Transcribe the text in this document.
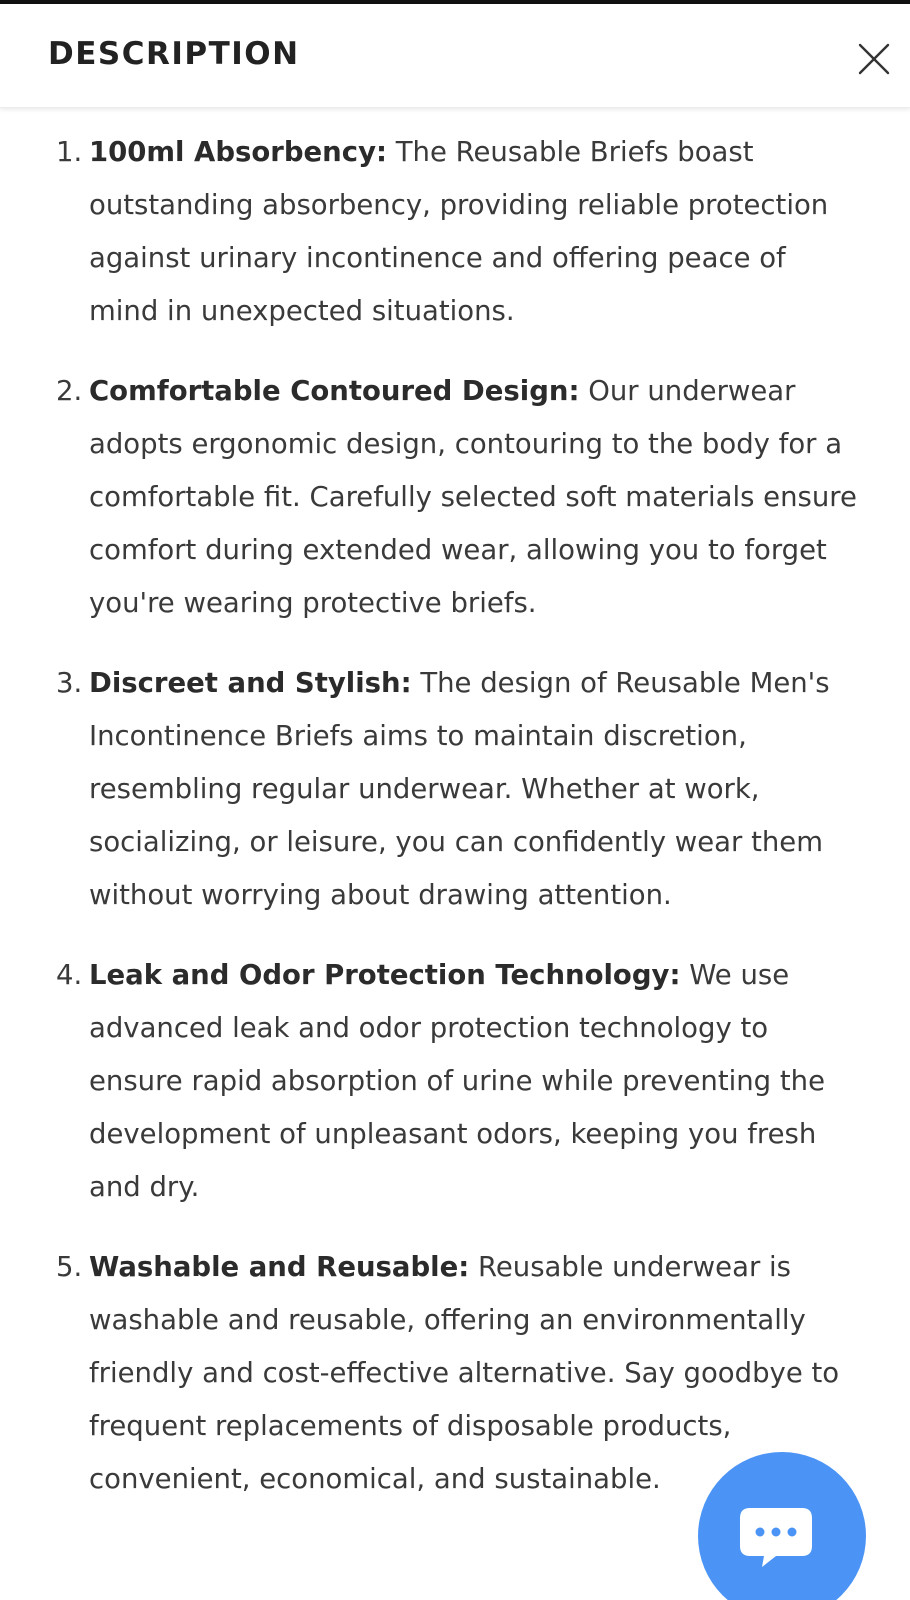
DESCRIPTION
1. 100ml Absorbency: The Reusable Briefs boast outstanding absorbency, providing reliable protection against urinary incontinence and offering peace of mind in unexpected situations.
2. Comfortable Contoured Design: Our underwear adopts ergonomic design, contouring to the body for a comfortable fit. Carefully selected soft materials ensure comfort during extended wear, allowing you to forget you're wearing protective briefs.
3. Discreet and Stylish: The design of Reusable Men's Incontinence Briefs aims to maintain discretion, resembling regular underwear. Whether at work, socializing, or leisure, you can confidently wear them without worrying about drawing attention.
4. Leak and Odor Protection Technology: We use advanced leak and odor protection technology to ensure rapid absorption of urine while preventing the development of unpleasant odors, keeping you fresh and dry.
5. Washable and Reusable: Reusable underwear is washable and reusable, offering an environmentally friendly and cost-effective alternative. Say goodbye to frequent replacements of disposable products, convenient, economical, and sustainable.
